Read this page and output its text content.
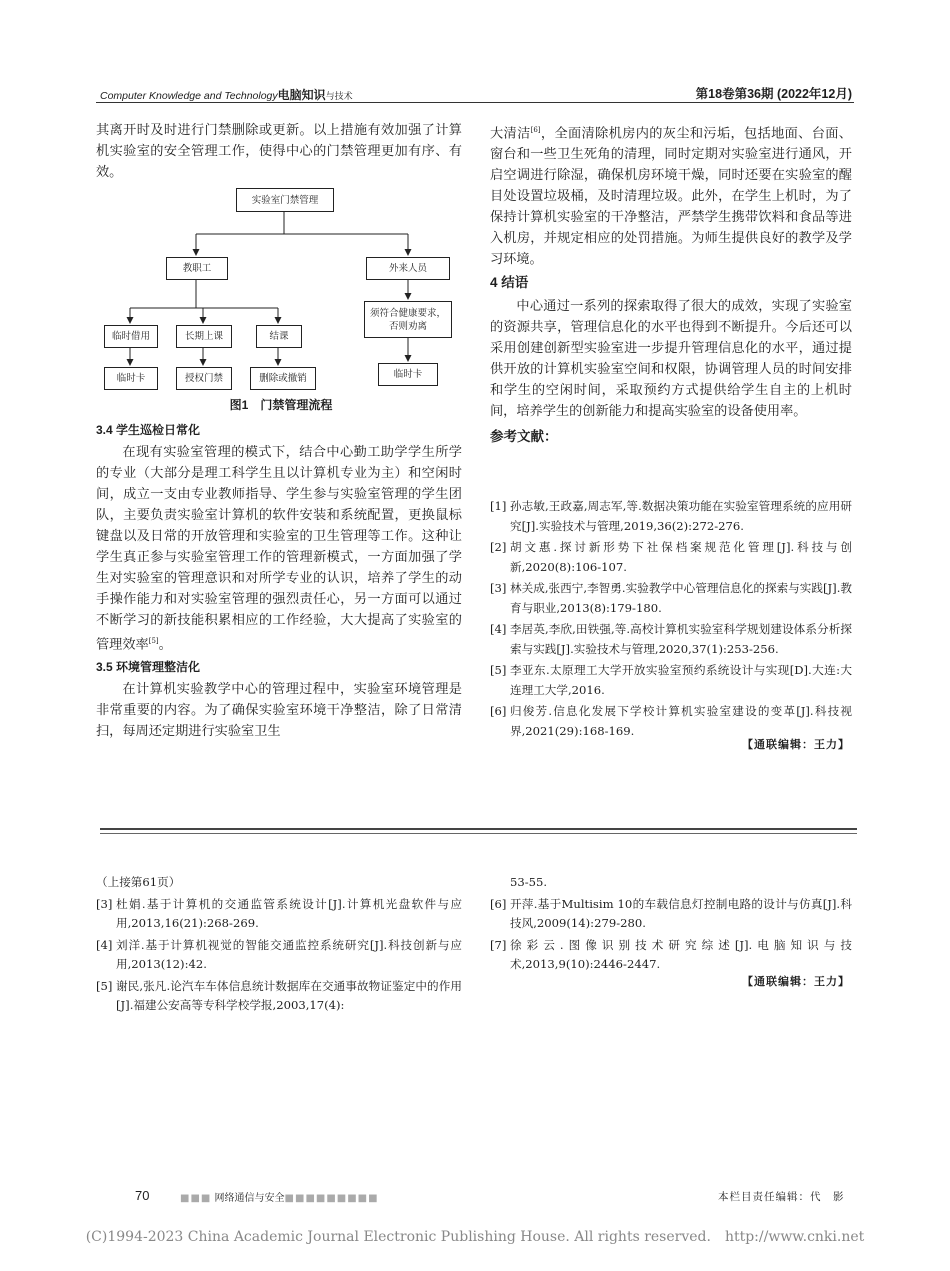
Computer Knowledge and Technology电脑知识与技术	第18卷第36期 (2022年12月)

其离开时及时进行门禁删除或更新。以上措施有效加强了计算机实验室的安全管理工作，使得中心的门禁管理更加有序、有效。

实验室门禁管理
教职工	外来人员
临时借用	长期上课	结课
临时卡	授权门禁	删除或撤销
须符合健康要求，
否则劝离
临时卡
图1　门禁管理流程

3.4 学生巡检日常化

在现有实验室管理的模式下，结合中心勤工助学学生所学的专业（大部分是理工科学生且以计算机专业为主）和空闲时间，成立一支由专业教师指导、学生参与实验室管理的学生团队，主要负责实验室计算机的软件安装和系统配置，更换鼠标键盘以及日常的开放管理和实验室的卫生管理等工作。这种让学生真正参与实验室管理工作的管理新模式，一方面加强了学生对实验室的管理意识和对所学专业的认识，培养了学生的动手操作能力和对实验室管理的强烈责任心，另一方面可以通过不断学习的新技能积累相应的工作经验，大大提高了实验室的管理效率[5]。

3.5 环境管理整洁化

在计算机实验教学中心的管理过程中，实验室环境管理是非常重要的内容。为了确保实验室环境干净整洁，除了日常清扫，每周还定期进行实验室卫生

大清洁[6]，全面清除机房内的灰尘和污垢，包括地面、台面、窗台和一些卫生死角的清理，同时定期对实验室进行通风，开启空调进行除湿，确保机房环境干燥，同时还要在实验室的醒目处设置垃圾桶，及时清理垃圾。此外，在学生上机时，为了保持计算机实验室的干净整洁，严禁学生携带饮料和食品等进入机房，并规定相应的处罚措施。为师生提供良好的教学及学习环境。

4 结语

中心通过一系列的探索取得了很大的成效，实现了实验室的资源共享，管理信息化的水平也得到不断提升。今后还可以采用创建创新型实验室进一步提升管理信息化的水平，通过提供开放的计算机实验室空间和权限，协调管理人员的时间安排和学生的空闲时间，采取预约方式提供给学生自主的上机时间，培养学生的创新能力和提高实验室的设备使用率。

参考文献：

[1] 孙志敏,王政嘉,周志军,等.数据决策功能在实验室管理系统的应用研究[J].实验技术与管理,2019,36(2):272-276.
[2] 胡文惠.探讨新形势下社保档案规范化管理[J].科技与创新,2020(8):106-107.
[3] 林关成,张西宁,李智勇.实验教学中心管理信息化的探索与实践[J].教育与职业,2013(8):179-180.
[4] 李居英,李欣,田铁强,等.高校计算机实验室科学规划建设体系分析探索与实践[J].实验技术与管理,2020,37(1):253-256.
[5] 李亚东.太原理工大学开放实验室预约系统设计与实现[D].大连:大连理工大学,2016.
[6] 归俊芳.信息化发展下学校计算机实验室建设的变革[J].科技视界,2021(29):168-169.
【通联编辑：王力】
（上接第61页）
[3] 杜娟.基于计算机的交通监管系统设计[J].计算机光盘软件与应用,2013,16(21):268-269.
[4] 刘洋.基于计算机视觉的智能交通监控系统研究[J].科技创新与应用,2013(12):42.
[5] 谢民,张凡.论汽车车体信息统计数据库在交通事故物证鉴定中的作用[J].福建公安高等专科学校学报,2003,17(4):
53-55.
[6] 开萍.基于Multisim 10的车载信息灯控制电路的设计与仿真[J].科技风,2009(14):279-280.
[7] 徐彩云.图像识别技术研究综述[J].电脑知识与技术,2013,9(10):2446-2447.
【通联编辑：王力】
70	■■■ 网络通信与安全■■■■■■■■■	本栏目责任编辑：代　影
(C)1994-2023 China Academic Journal Electronic Publishing House. All rights reserved.　http://www.cnki.net
